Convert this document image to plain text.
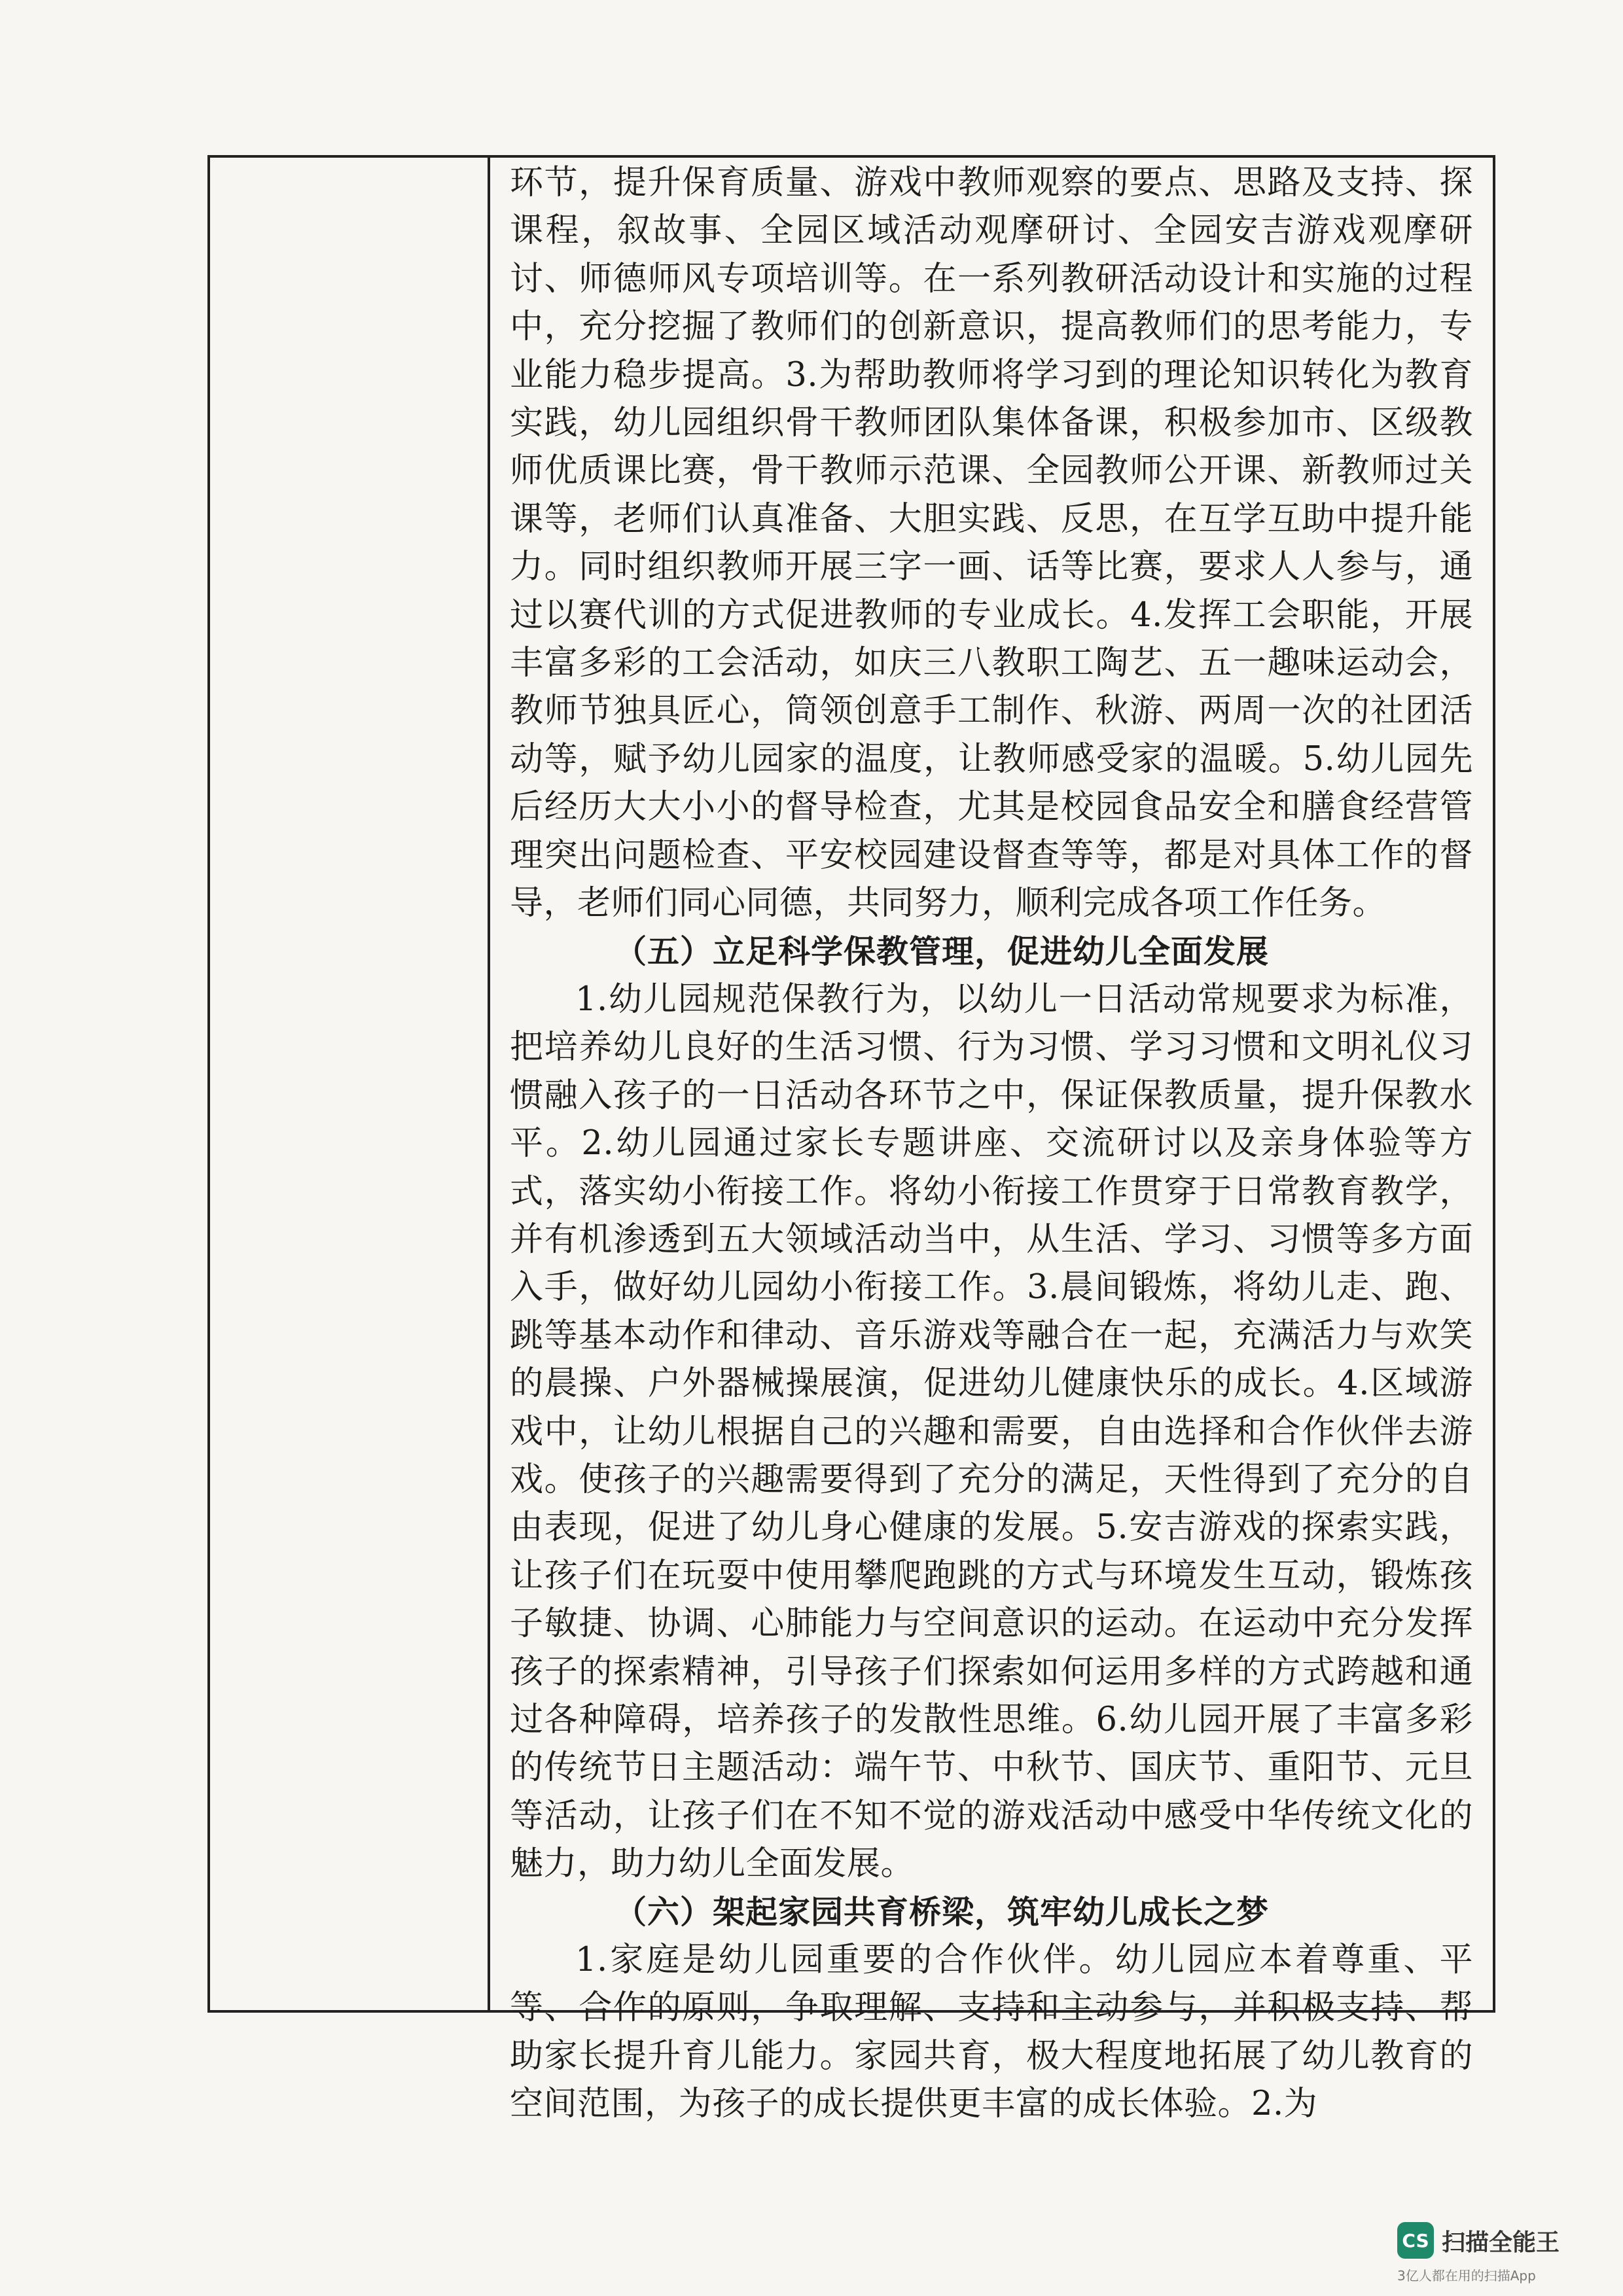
环节，提升保育质量、游戏中教师观察的要点、思路及支持、探课程，叙故事、全园区域活动观摩研讨、全园安吉游戏观摩研讨、师德师风专项培训等。在一系列教研活动设计和实施的过程中，充分挖掘了教师们的创新意识，提高教师们的思考能力，专业能力稳步提高。3.为帮助教师将学习到的理论知识转化为教育实践，幼儿园组织骨干教师团队集体备课，积极参加市、区级教师优质课比赛，骨干教师示范课、全园教师公开课、新教师过关课等，老师们认真准备、大胆实践、反思，在互学互助中提升能力。同时组织教师开展三字一画、话等比赛，要求人人参与，通过以赛代训的方式促进教师的专业成长。4.发挥工会职能，开展丰富多彩的工会活动，如庆三八教职工陶艺、五一趣味运动会，教师节独具匠心，筒领创意手工制作、秋游、两周一次的社团活动等，赋予幼儿园家的温度，让教师感受家的温暖。5.幼儿园先后经历大大小小的督导检查，尤其是校园食品安全和膳食经营管理突出问题检查、平安校园建设督查等等，都是对具体工作的督导，老师们同心同德，共同努力，顺利完成各项工作任务。

（五）立足科学保教管理，促进幼儿全面发展

1.幼儿园规范保教行为，以幼儿一日活动常规要求为标准，把培养幼儿良好的生活习惯、行为习惯、学习习惯和文明礼仪习惯融入孩子的一日活动各环节之中，保证保教质量，提升保教水平。2.幼儿园通过家长专题讲座、交流研讨以及亲身体验等方式，落实幼小衔接工作。将幼小衔接工作贯穿于日常教育教学，并有机渗透到五大领域活动当中，从生活、学习、习惯等多方面入手，做好幼儿园幼小衔接工作。3.晨间锻炼，将幼儿走、跑、跳等基本动作和律动、音乐游戏等融合在一起，充满活力与欢笑的晨操、户外器械操展演，促进幼儿健康快乐的成长。4.区域游戏中，让幼儿根据自己的兴趣和需要，自由选择和合作伙伴去游戏。使孩子的兴趣需要得到了充分的满足，天性得到了充分的自由表现，促进了幼儿身心健康的发展。5.安吉游戏的探索实践，让孩子们在玩耍中使用攀爬跑跳的方式与环境发生互动，锻炼孩子敏捷、协调、心肺能力与空间意识的运动。在运动中充分发挥孩子的探索精神，引导孩子们探索如何运用多样的方式跨越和通过各种障碍，培养孩子的发散性思维。6.幼儿园开展了丰富多彩的传统节日主题活动：端午节、中秋节、国庆节、重阳节、元旦等活动，让孩子们在不知不觉的游戏活动中感受中华传统文化的魅力，助力幼儿全面发展。

（六）架起家园共育桥梁，筑牢幼儿成长之梦

1.家庭是幼儿园重要的合作伙伴。幼儿园应本着尊重、平等、合作的原则，争取理解、支持和主动参与，并积极支持、帮助家长提升育儿能力。家园共育，极大程度地拓展了幼儿教育的空间范围，为孩子的成长提供更丰富的成长体验。2.为

CS 扫描全能王
3亿人都在用的扫描App
